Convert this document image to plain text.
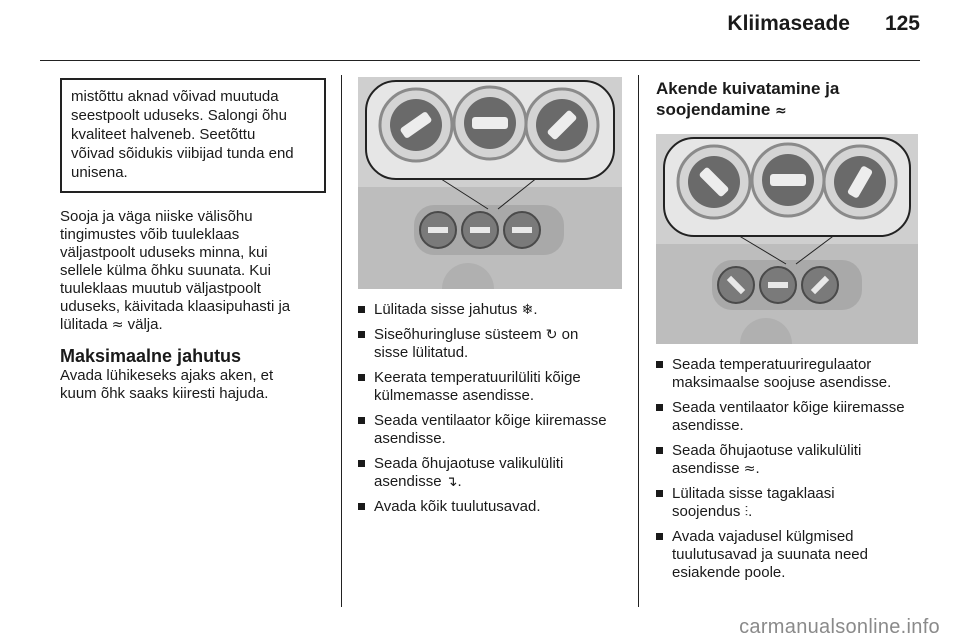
Kliimaseade	125

mistõttu aknad võivad muutuda

seestpoolt uduseks. Salongi õhu

kvaliteet halveneb. Seetõttu

võivad sõidukis viibijad tunda end

unisena.

Sooja ja väga niiske välisõhu

tingimustes võib tuuleklaas

väljastpoolt uduseks minna, kui

sellele külma õhku suunata. Kui

tuuleklaas muutub väljastpoolt

uduseks, käivitada klaasipuhasti ja

lülitada ≈ välja.

Maksimaalne jahutus

Avada lühikeseks ajaks aken, et

kuum õhk saaks kiiresti hajuda.

Lülitada sisse jahutus ❄.
Siseõhuringluse süsteem ↻ on
sisse lülitatud.
Keerata temperatuurilüliti kõige
külmemasse asendisse.
Seada ventilaator kõige kiiremasse
asendisse.
Seada õhujaotuse valikulüliti
asendisse ↴.
Avada kõik tuulutusavad.
Akende kuivatamine ja
soojendamine ≈
Seada temperatuuriregulaator
maksimaalse soojuse asendisse.
Seada ventilaator kõige kiiremasse
asendisse.
Seada õhujaotuse valikulüliti
asendisse ≈.
Lülitada sisse tagaklaasi
soojendus ⫶.
Avada vajadusel külgmised
tuulutusavad ja suunata need
esiakende poole.
carmanualsonline.info
